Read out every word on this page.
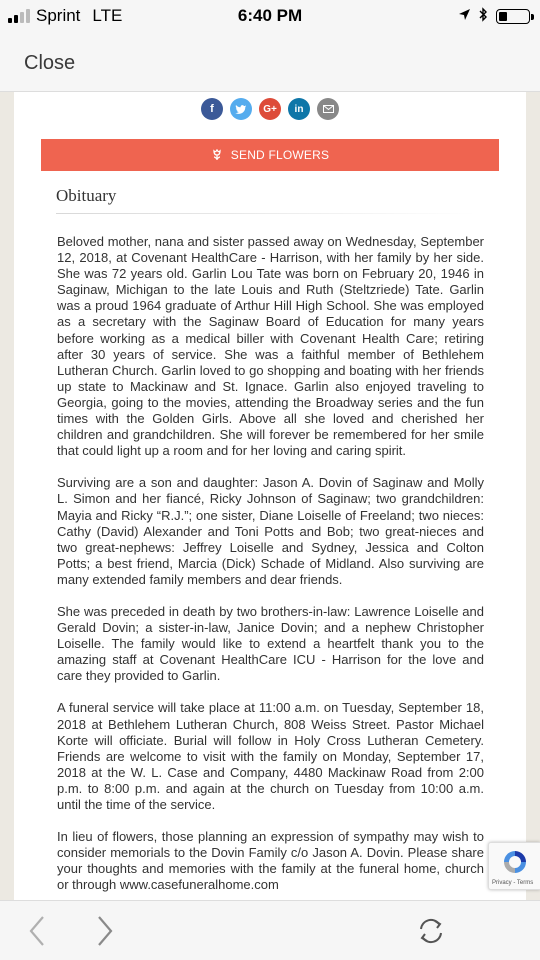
Sprint LTE	6:40 PM
Close
f	G+	in
SEND FLOWERS
Obituary

Beloved mother, nana and sister passed away on Wednesday, September 12, 2018, at Covenant HealthCare - Harrison, with her family by her side. She was 72 years old. Garlin Lou Tate was born on February 20, 1946 in Saginaw, Michigan to the late Louis and Ruth (Steltzriede) Tate. Garlin was a proud 1964 graduate of Arthur Hill High School. She was employed as a secretary with the Saginaw Board of Education for many years before working as a medical biller with Covenant Health Care; retiring after 30 years of service. She was a faithful member of Bethlehem Lutheran Church. Garlin loved to go shopping and boating with her friends up state to Mackinaw and St. Ignace. Garlin also enjoyed traveling to Georgia, going to the movies, attending the Broadway series and the fun times with the Golden Girls. Above all she loved and cherished her children and grandchildren. She will forever be remembered for her smile that could light up a room and for her loving and caring spirit.

Surviving are a son and daughter: Jason A. Dovin of Saginaw and Molly L. Simon and her fiancé, Ricky Johnson of Saginaw; two grandchildren: Mayia and Ricky “R.J.”; one sister, Diane Loiselle of Freeland; two nieces: Cathy (David) Alexander and Toni Potts and Bob; two great-nieces and two great-nephews: Jeffrey Loiselle and Sydney, Jessica and Colton Potts; a best friend, Marcia (Dick) Schade of Midland. Also surviving are many extended family members and dear friends.

She was preceded in death by two brothers-in-law: Lawrence Loiselle and Gerald Dovin; a sister-in-law, Janice Dovin; and a nephew Christopher Loiselle. The family would like to extend a heartfelt thank you to the amazing staff at Covenant HealthCare ICU - Harrison for the love and care they provided to Garlin.

A funeral service will take place at 11:00 a.m. on Tuesday, September 18, 2018 at Bethlehem Lutheran Church, 808 Weiss Street. Pastor Michael Korte will officiate. Burial will follow in Holy Cross Lutheran Cemetery. Friends are welcome to visit with the family on Monday, September 17, 2018 at the W. L. Case and Company, 4480 Mackinaw Road from 2:00 p.m. to 8:00 p.m. and again at the church on Tuesday from 10:00 a.m. until the time of the service.

In lieu of flowers, those planning an expression of sympathy may wish to consider memorials to the Dovin Family c/o Jason A. Dovin. Please share your thoughts and memories with the family at the funeral home, church or through www.casefuneralhome.com	Privacy - Terms
